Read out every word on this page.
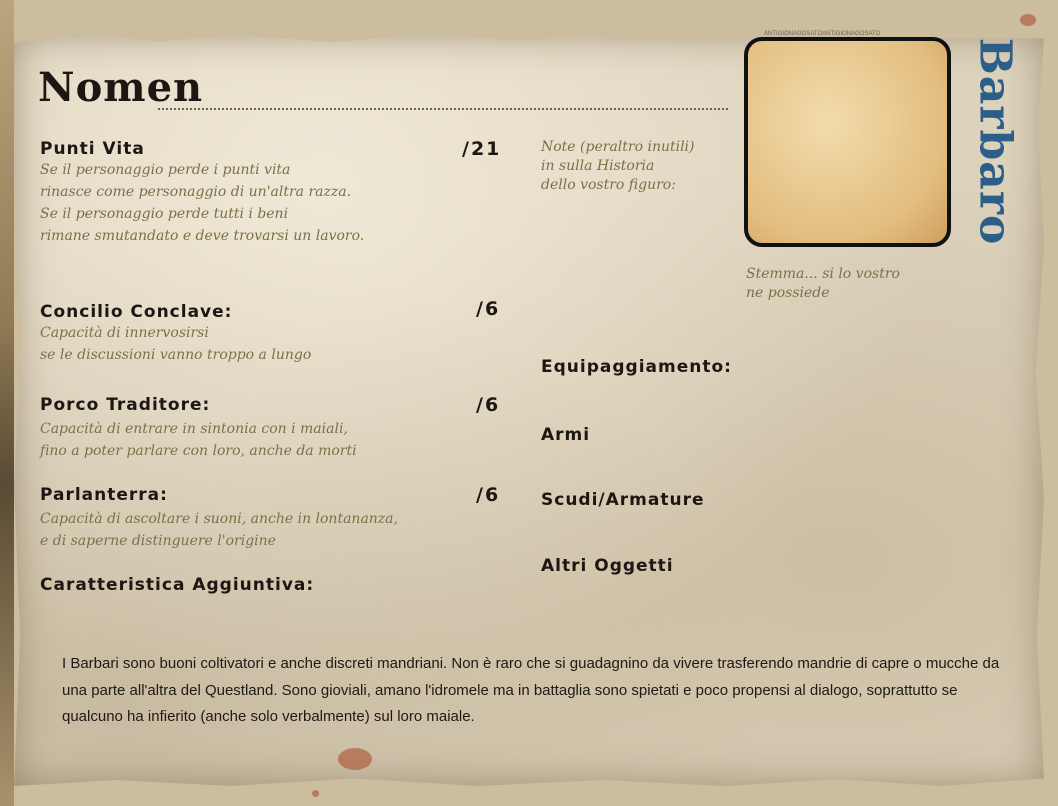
Nomen
Punti Vita	/21
Se il personaggio perde i punti vita
rinasce come personaggio di un'altra razza.
Se il personaggio perde tutti i beni
rimane smutandato e deve trovarsi un lavoro.
Concilio Conclave:	/6
Capacità di innervosirsi
se le discussioni vanno troppo a lungo
Porco Traditore:	/6
Capacità di entrare in sintonia con i maiali,
fino a poter parlare con loro, anche da morti
Parlanterra:	/6
Capacità di ascoltare i suoni, anche in lontananza,
e di saperne distinguere l'origine
Caratteristica Aggiuntiva:
Note (peraltro inutili)
in sulla Historia
dello vostro figuro:
ANTIGIONAGOSATOANTIGIONAGOSATO
Stemma... si lo vostro
ne possiede
Barbaro
Equipaggiamento:
Armi
Scudi/Armature
Altri Oggetti
I Barbari sono buoni coltivatori e anche discreti mandriani. Non è raro che si guadagnino da vivere trasferendo mandrie di capre o mucche da una parte all'altra del Questland. Sono gioviali, amano l'idromele ma in battaglia sono spietati e poco propensi al dialogo, soprattutto se qualcuno ha infierito (anche solo verbalmente) sul loro maiale.
